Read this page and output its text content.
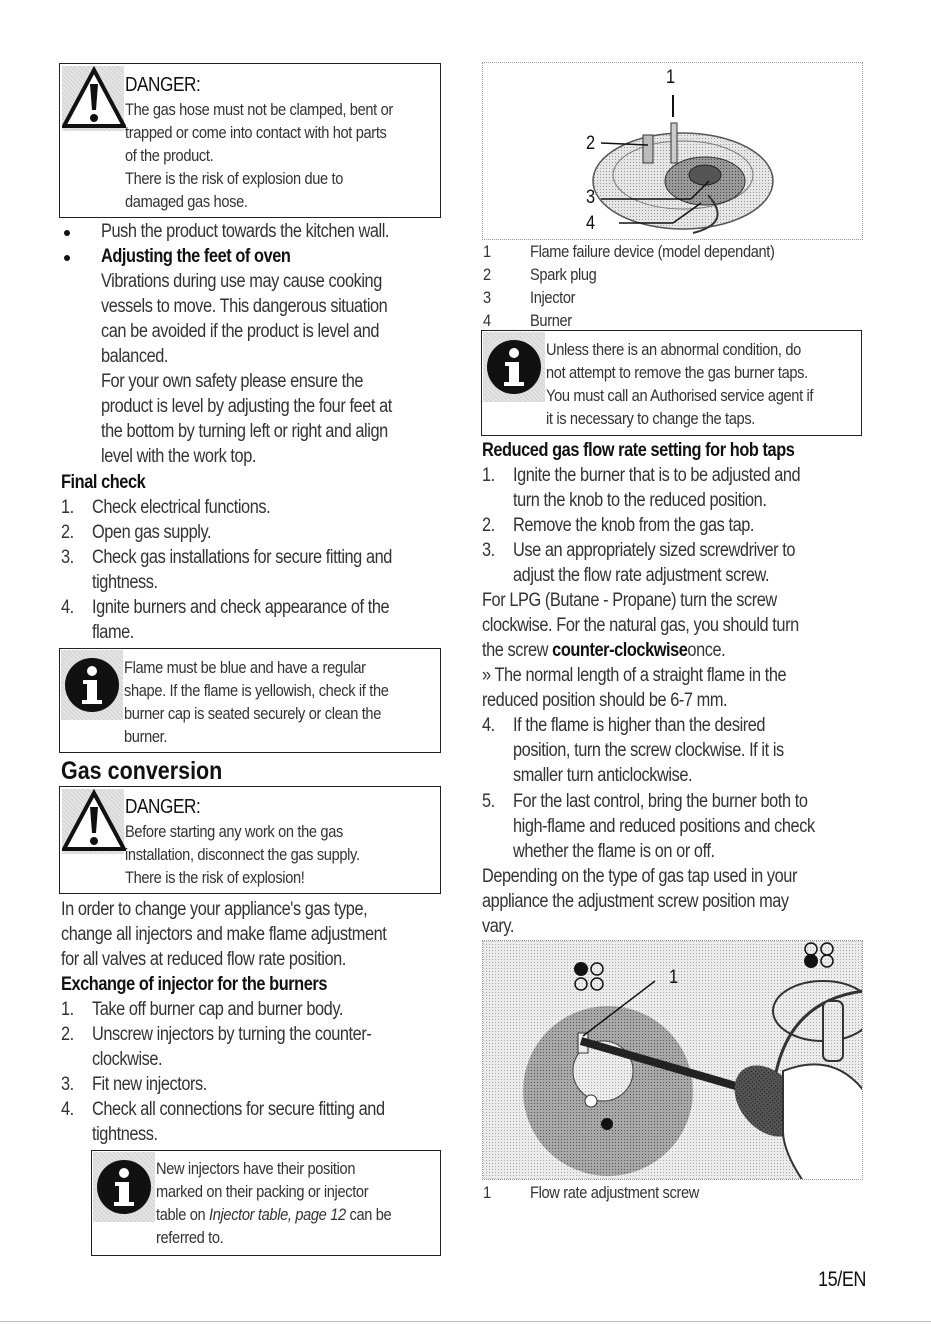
DANGER:
The gas hose must not be clamped, bent or
trapped or come into contact with hot parts
of the product.
There is the risk of explosion due to
damaged gas hose.
Push the product towards the kitchen wall.
Adjusting the feet of oven
Vibrations during use may cause cooking
vessels to move. This dangerous situation
can be avoided if the product is level and
balanced.
For your own safety please ensure the
product is level by adjusting the four feet at
the bottom by turning left or right and align
level with the work top.
Final check
1. Check electrical functions.
2. Open gas supply.
3. Check gas installations for secure fitting and
tightness.
4. Ignite burners and check appearance of the
flame.
Flame must be blue and have a regular
shape. If the flame is yellowish, check if the
burner cap is seated securely or clean the
burner.
Gas conversion
DANGER:
Before starting any work on the gas
installation, disconnect the gas supply.
There is the risk of explosion!
In order to change your appliance's gas type,
change all injectors and make flame adjustment
for all valves at reduced flow rate position.
Exchange of injector for the burners
1. Take off burner cap and burner body.
2. Unscrew injectors by turning the counter-
clockwise.
3. Fit new injectors.
4. Check all connections for secure fitting and
tightness.
New injectors have their position
marked on their packing or injector
table on Injector table, page 12 can be
referred to.
1
2
3
4
1 Flame failure device (model dependant)
2 Spark plug
3 Injector
4 Burner
Unless there is an abnormal condition, do
not attempt to remove the gas burner taps.
You must call an Authorised service agent if
it is necessary to change the taps.
Reduced gas flow rate setting for hob taps
1. Ignite the burner that is to be adjusted and
turn the knob to the reduced position.
2. Remove the knob from the gas tap.
3. Use an appropriately sized screwdriver to
adjust the flow rate adjustment screw.
For LPG (Butane - Propane) turn the screw
clockwise. For the natural gas, you should turn
the screw counter-clockwiseonce.
» The normal length of a straight flame in the
reduced position should be 6-7 mm.
4. If the flame is higher than the desired
position, turn the screw clockwise. If it is
smaller turn anticlockwise.
5. For the last control, bring the burner both to
high-flame and reduced positions and check
whether the flame is on or off.
Depending on the type of gas tap used in your
appliance the adjustment screw position may
vary.
1
1 Flow rate adjustment screw
15/EN
